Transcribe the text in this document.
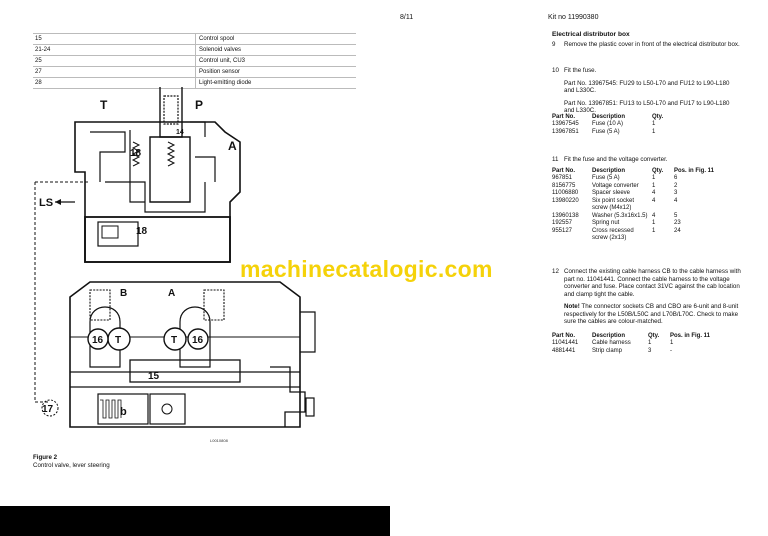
8/11	Kit no 11990380
15	Control spool
21-24	Solenoid valves
25	Control unit, CU3
27	Position sensor
28	Light-emitting diode
T	P
A
LS
14
18
18
B	A
16	16
T	T
15
17	b
L0010808
Figure 2
Control valve, lever steering
machinecatalogic.com
Electrical distributor box
9	Remove the plastic cover in front of the electrical distributor box.
10 Fit the fuse.
Part No. 13967545: FU29 to L50-L70 and FU12 to L90-L180 and L330C.
Part No. 13967851: FU13 to L50-L70 and FU17 to L90-L180 and L330C.
Part No.	Description	Qty.
13967545	Fuse (10 A)	1
13967851	Fuse (5 A)	1
11 Fit the fuse and the voltage converter.
Part No.	Description	Qty.	Pos. in Fig. 11
967851	Fuse (5 A)	1	6
8156775	Voltage converter	1	2
11006880	Spacer sleeve	4	3
13980220	Six point socket screw (M4x12)	4	4
13960138	Washer (5.3x16x1.5)	4	5
192557	Spring nut	1	23
955127	Cross recessed screw (2x13)	1	24
12 Connect the existing cable harness CB to the cable harness with part no. 11041441. Connect the cable harness to the voltage converter and fuse. Place contact 31VC against the cab location and clamp tight the cable.
Note! The connector sockets CB and CBO are 6-unit and 8-unit respectively for the L50B/L50C and L70B/L70C. Check to make sure the cables are colour-matched.
Part No.	Description	Qty.	Pos. in Fig. 11
11041441	Cable harness	1	1
4881441	Strip clamp	3	-
